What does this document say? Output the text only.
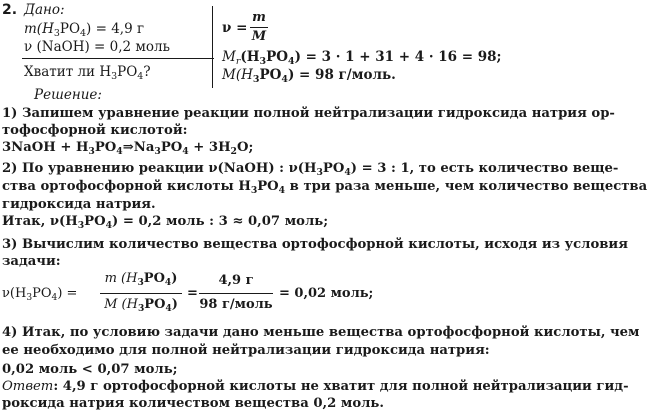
2. Дано:
$m(H_3PO_4) = 4,9$ г
ν (NaOH) = 0,2 моль
Хватит ли $H_3PO_4$?
ν =
m
M
$M_r(H_3PO_4) = 3 \cdot 1 + 31 + 4 \cdot 16 = 98$;
$M(H_3PO_4) = 98$ г/моль.
Решение:
1) Запишем уравнение реакции полной нейтрализации гидроксида натрия ор-
тофосфорной кислотой:
3NaOH + $H_3PO_4\Rightarrow Na_3PO_4 + 3H_2O$;
2) По уравнению реакции ν(NaOH) : $\nu(H_3PO_4) = 3$ : 1, то есть количество веще-
ства ортофосфорной кислоты $H_3PO_4$ в три раза меньше, чем количество вещества
гидроксида натрия.
Итак, $\nu(H_3PO_4) = 0,2$ моль : 3 ≈ 0,07 моль;
3) Вычислим количество вещества ортофосфорной кислоты, исходя из условия
задачи:
$\nu(H_3PO_4)$ =
m $(H_3PO_4)$
M $(H_3PO_4)$
=
4,9 г
98 г/моль
= 0,02 моль;
4) Итак, по условию задачи дано меньше вещества ортофосфорной кислоты, чем
ее необходимо для полной нейтрализации гидроксида натрия:
0,02 моль < 0,07 моль;
Ответ: 4,9 г ортофосфорной кислоты не хватит для полной нейтрализации гид-
роксида натрия количеством вещества 0,2 моль.
